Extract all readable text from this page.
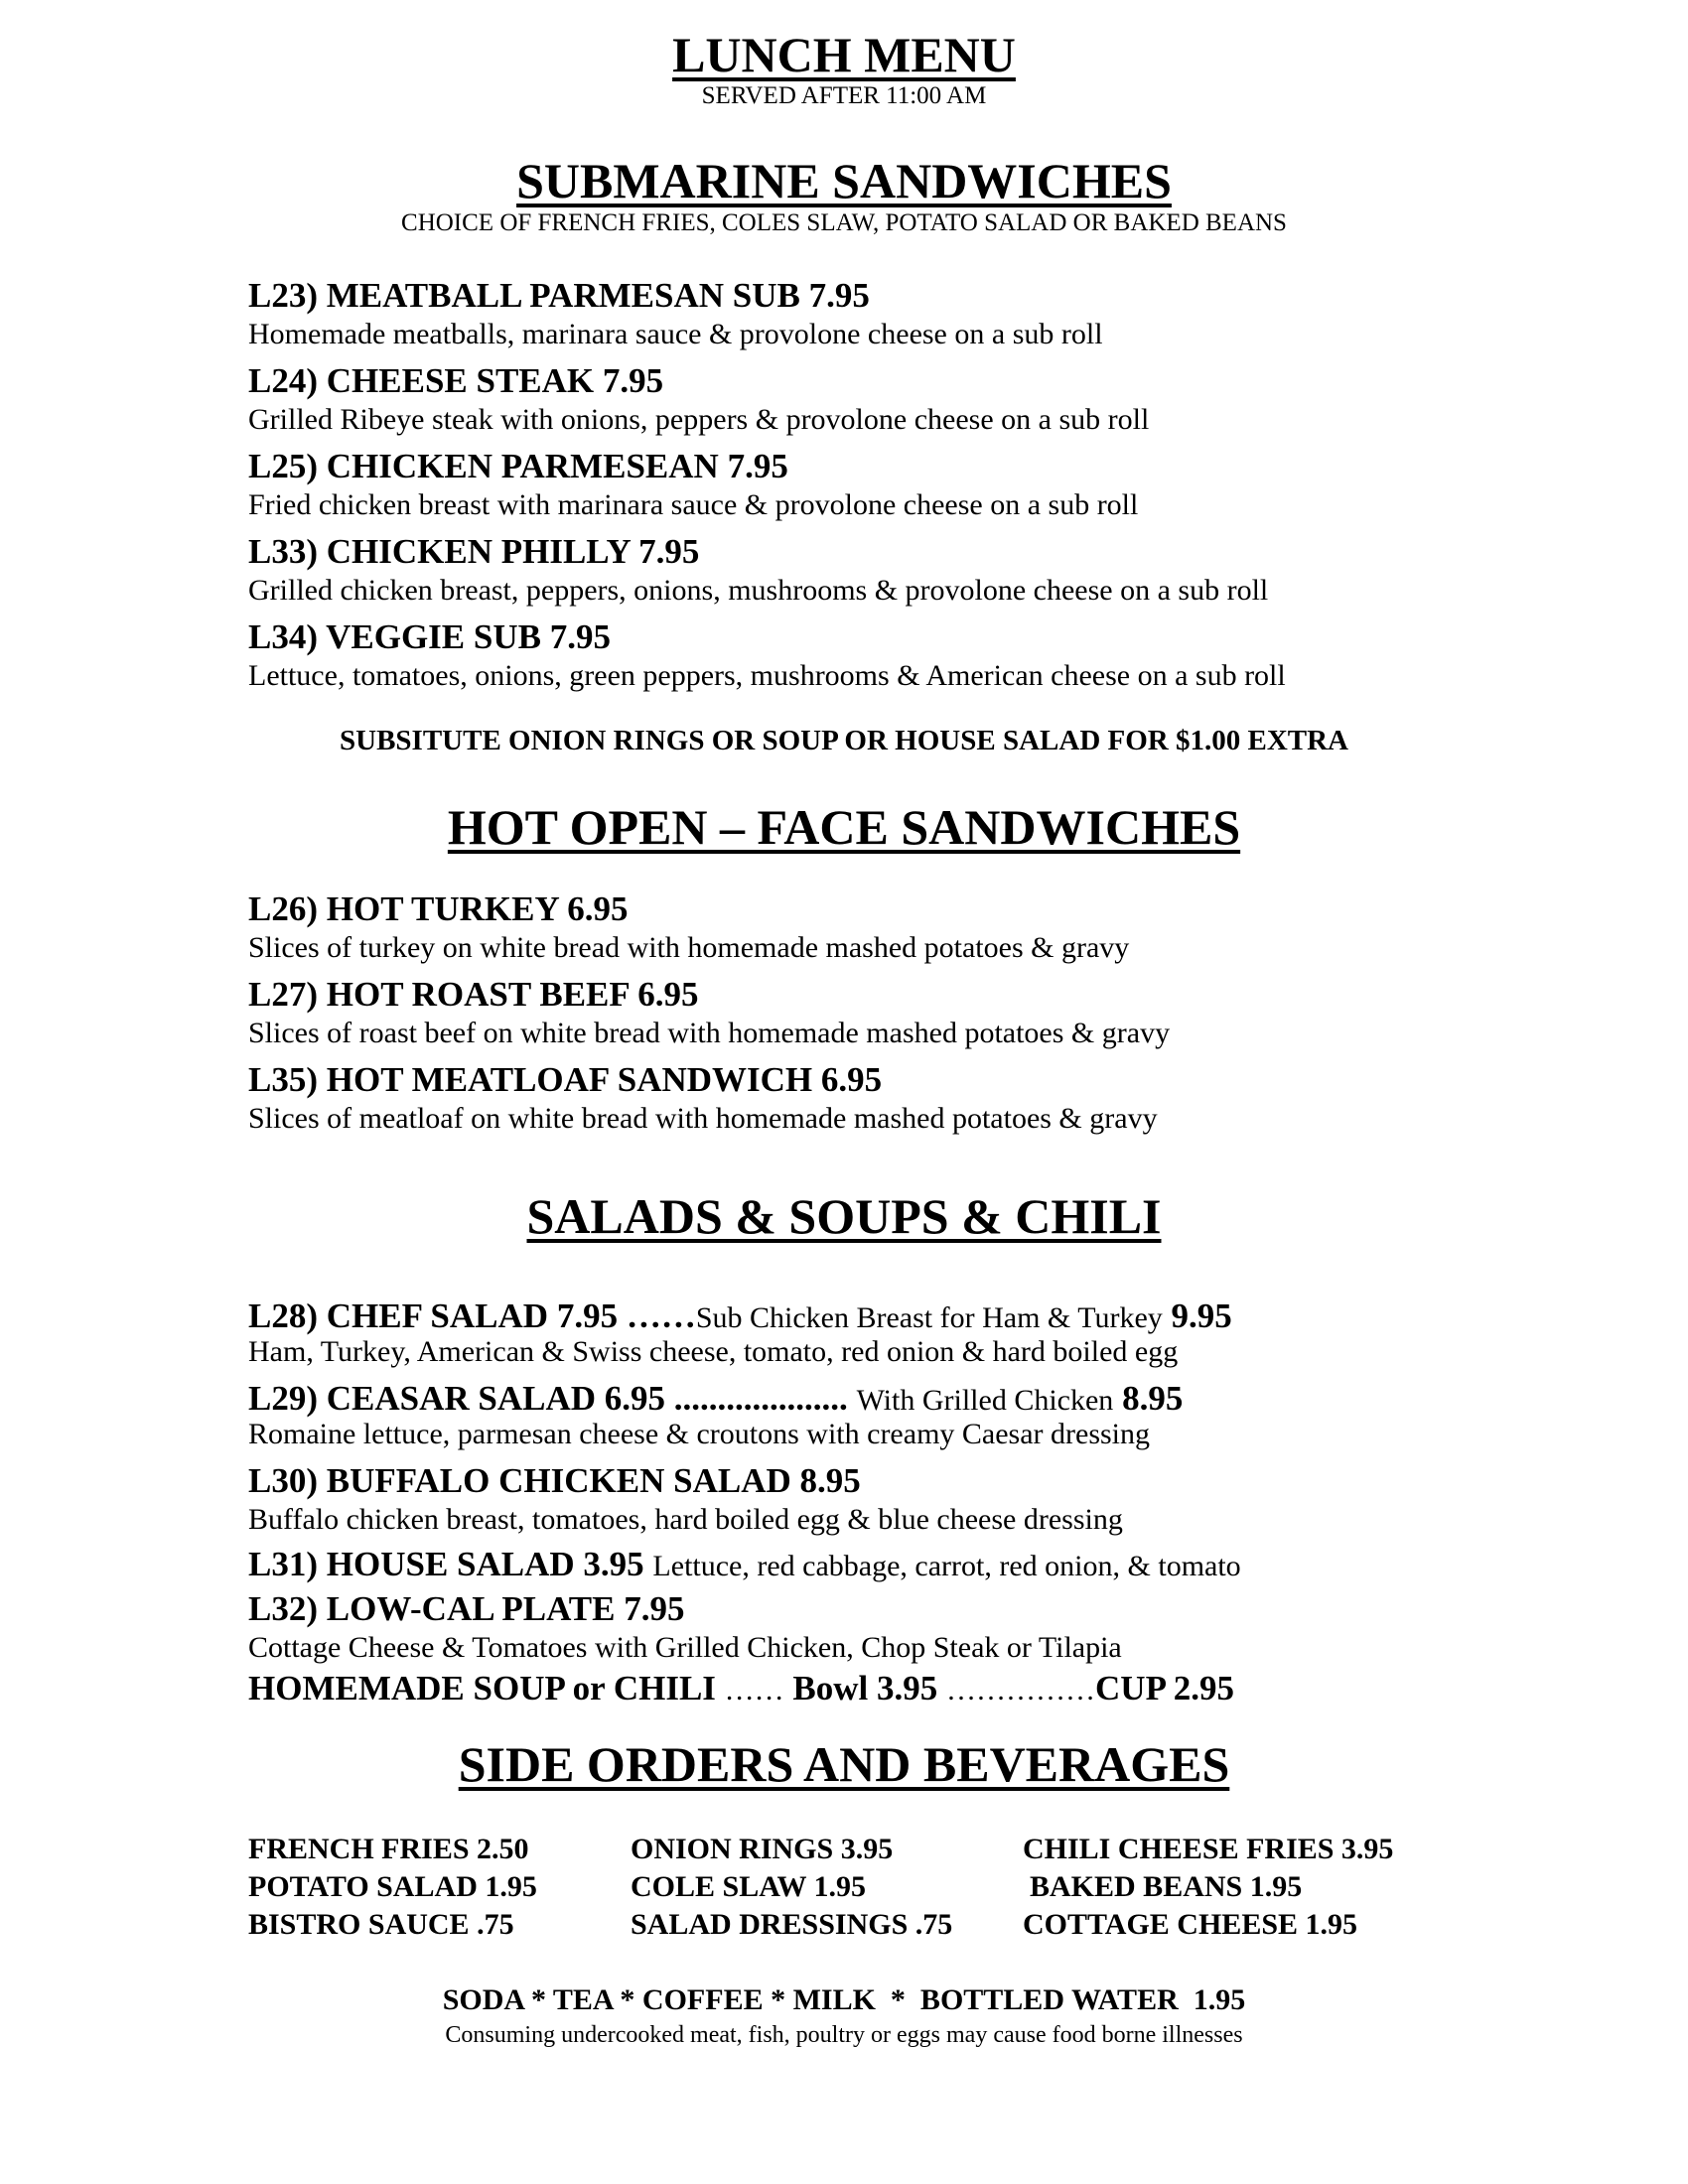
LUNCH MENU
SERVED AFTER 11:00 AM
SUBMARINE SANDWICHES
CHOICE OF FRENCH FRIES, COLES SLAW, POTATO SALAD OR BAKED BEANS
L23) MEATBALL PARMESAN SUB 7.95
Homemade meatballs, marinara sauce & provolone cheese on a sub roll
L24) CHEESE STEAK 7.95
Grilled Ribeye steak with onions, peppers & provolone cheese on a sub roll
L25) CHICKEN PARMESEAN 7.95
Fried chicken breast with marinara sauce & provolone cheese on a sub roll
L33) CHICKEN PHILLY 7.95
Grilled chicken breast, peppers, onions, mushrooms & provolone cheese on a sub roll
L34) VEGGIE SUB 7.95
Lettuce, tomatoes, onions, green peppers, mushrooms & American cheese on a sub roll
SUBSITUTE ONION RINGS OR SOUP OR HOUSE SALAD FOR $1.00 EXTRA
HOT OPEN – FACE SANDWICHES
L26) HOT TURKEY 6.95
Slices of turkey on white bread with homemade mashed potatoes & gravy
L27) HOT ROAST BEEF 6.95
Slices of roast beef on white bread with homemade mashed potatoes & gravy
L35) HOT MEATLOAF SANDWICH 6.95
Slices of meatloaf on white bread with homemade mashed potatoes & gravy
SALADS & SOUPS & CHILI
L28) CHEF SALAD 7.95 ……Sub Chicken Breast for Ham & Turkey 9.95
Ham, Turkey, American & Swiss cheese, tomato, red onion & hard boiled egg
L29) CEASAR SALAD 6.95 .................... With Grilled Chicken 8.95
Romaine lettuce, parmesan cheese & croutons with creamy Caesar dressing
L30) BUFFALO CHICKEN SALAD 8.95
Buffalo chicken breast, tomatoes, hard boiled egg & blue cheese dressing
L31) HOUSE SALAD 3.95 Lettuce, red cabbage, carrot, red onion, & tomato
L32) LOW-CAL PLATE 7.95
Cottage Cheese & Tomatoes with Grilled Chicken, Chop Steak or Tilapia
HOMEMADE SOUP or CHILI …… Bowl 3.95 ……………CUP 2.95
SIDE ORDERS AND BEVERAGES
FRENCH FRIES 2.50	ONION RINGS 3.95	CHILI CHEESE FRIES 3.95
POTATO SALAD 1.95	COLE SLAW 1.95	BAKED BEANS 1.95
BISTRO SAUCE .75	SALAD DRESSINGS .75 COTTAGE CHEESE 1.95
SODA * TEA * COFFEE * MILK  *  BOTTLED WATER  1.95
Consuming undercooked meat, fish, poultry or eggs may cause food borne illnesses
